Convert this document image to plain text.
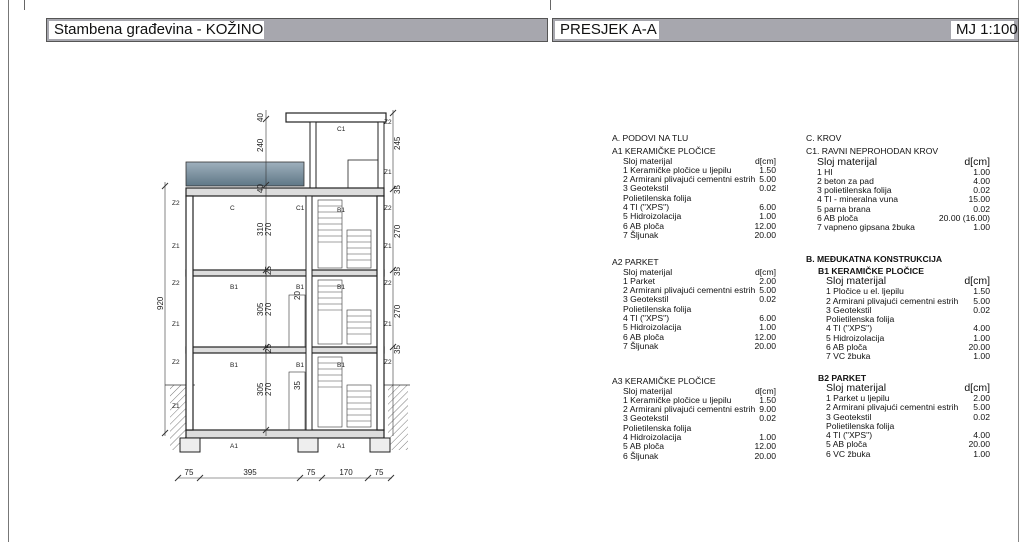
Stambena građevina - KOŽINO	PRESJEK A-A	MJ 1:100
40
240
40
310 270
25
305 270
25
305 270
20
35
920
245
35
270
35
270
35
75	395	75	170	75
Z2
Z1
Z2
Z1
Z2
Z1
C	C1
C1
B1
B1	B1	B1
B1	B1	B1
A1	A1
Z2
Z1
Z2
Z1
Z2
Z1
Z2
A. PODOVI NA TLU
A1 KERAMIČKE PLOČICE
Sloj materijal	d[cm]
1 Keramičke pločice u ljepilu	1.50
2 Armirani plivajući cementni estrih 5.00
3 Geotekstil	0.02
Polietilenska folija
4 TI ("XPS")	6.00
5 Hidroizolacija	1.00
6 AB ploča	12.00
7 Šljunak	20.00
A2 PARKET
Sloj materijal	d[cm]
1 Parket	2.00
2 Armirani plivajući cementni estrih 5.00
3 Geotekstil	0.02
Polietilenska folija
4 TI ("XPS")	6.00
5 Hidroizolacija	1.00
6 AB ploča	12.00
7 Šljunak	20.00
A3 KERAMIČKE PLOČICE
Sloj materijal	d[cm]
1 Keramičke pločice u ljepilu	1.50
2 Armirani plivajući cementni estrih 9.00
3 Geotekstil	0.02
Polietilenska folija
4 Hidroizolacija	1.00
5 AB ploča	12.00
6 Šljunak	20.00
C. KROV
C1. RAVNI NEPROHODAN KROV
Sloj materijal	d[cm]
1 HI	1.00
2 beton za pad	4.00
3 polietilenska folija	0.02
4 TI - mineralna vuna	15.00
5 parna brana	0.02
6 AB ploča	20.00 (16.00)
7 vapneno gipsana žbuka	1.00
B. MEĐUKATNA KONSTRUKCIJA
B1 KERAMIČKE PLOČICE
Sloj materijal	d[cm]
1 Pločice u el. ljepilu	1.50
2 Armirani plivajući cementni estrih	5.00
3 Geotekstil	0.02
Polietilenska folija
4 TI ("XPS")	4.00
5 Hidroizolacija	1.00
6 AB ploča	20.00
7 VC žbuka	1.00
B2 PARKET
Sloj materijal	d[cm]
1 Parket u ljepilu	2.00
2 Armirani plivajući cementni estrih	5.00
3 Geotekstil	0.02
Polietilenska folija
4 TI ("XPS")	4.00
5 AB ploča	20.00
6 VC žbuka	1.00
